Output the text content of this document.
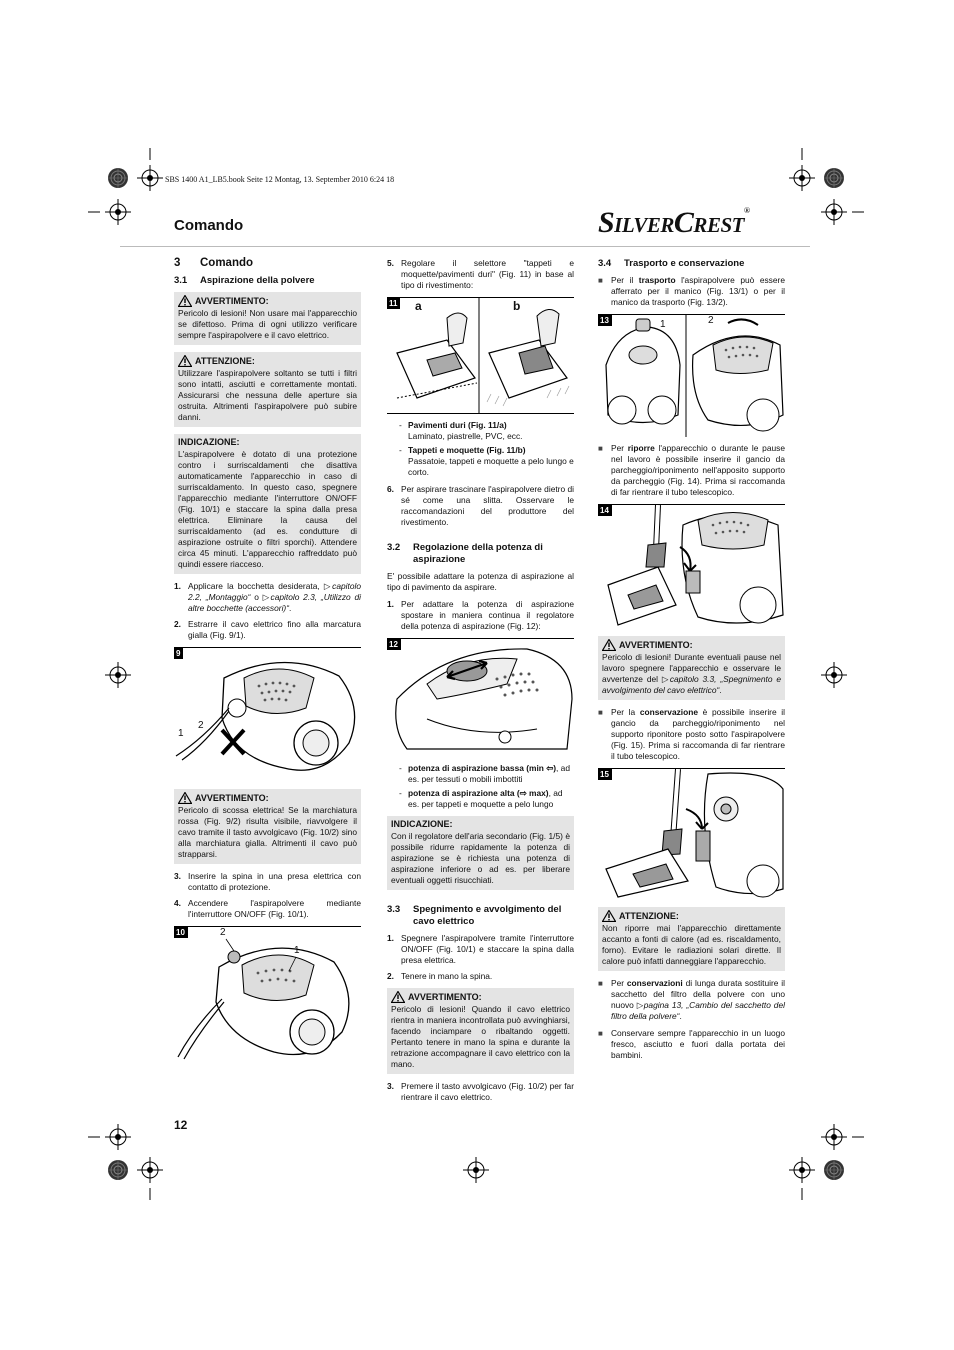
SBS 1400 A1_LB5.book Seite 12 Montag, 13. September 2010 6:24 18
Comando	SilverCrest®
3 Comando
3.1 Aspirazione della polvere
AVVERTIMENTO:
Pericolo di lesioni! Non usare mai l'apparecchio se difettoso. Prima di ogni utilizzo verificare sempre l'aspirapolvere e il cavo elettrico.
ATTENZIONE:
Utilizzare l'aspirapolvere soltanto se tutti i filtri sono intatti, asciutti e correttamente montati. Assicurarsi che nessuna delle aperture sia ostruita. Altrimenti l'aspirapolvere può subire danni.
INDICAZIONE:
L'aspirapolvere è dotato di una protezione contro i surriscaldamenti che disattiva automaticamente l'apparecchio in caso di surriscaldamento. In questo caso, spegnere l'apparecchio mediante l'interruttore ON/OFF (Fig. 10/1) e staccare la spina dalla presa elettrica. Eliminare la causa del surriscaldamento (ad es. condutture di aspirazione ostruite o filtri sporchi). Attendere circa 45 minuti. L'apparecchio raffreddato può quindi essere riacceso.
1. Applicare la bocchetta desiderata, ▷capitolo 2.2, „Montaggio“ o ▷capitolo 2.3, „Utilizzo di altre bocchette (accessori)“.
2. Estrarre il cavo elettrico fino alla marcatura gialla (Fig. 9/1).
9
1
2
AVVERTIMENTO:
Pericolo di scossa elettrica! Se la marchiatura rossa (Fig. 9/2) risulta visibile, riavvolgere il cavo tramite il tasto avvolgicavo (Fig. 10/2) sino alla marchiatura gialla. Altrimenti il cavo può strapparsi.
3. Inserire la spina in una presa elettrica con contatto di protezione.
4. Accendere l'aspirapolvere mediante l'interruttore ON/OFF (Fig. 10/1).
10	2
1
5. Regolare il selettore "tappeti e moquette/pavimenti duri" (Fig. 11) in base al tipo di rivestimento:
11 a	b
- Pavimenti duri (Fig. 11/a)
Laminato, piastrelle, PVC, ecc.
- Tappeti e moquette (Fig. 11/b)
Passatoie, tappeti e moquette a pelo lungo e corto.
6. Per aspirare trascinare l'aspirapolvere dietro di sé come una slitta. Osservare le raccomandazioni del produttore del rivestimento.
3.2 Regolazione della potenza di aspirazione

E' possibile adattare la potenza di aspirazione al tipo di pavimento da aspirare.

1. Per adattare la potenza di aspirazione spostare in maniera continua il regolatore della potenza di aspirazione (Fig. 12):
12
- potenza di aspirazione bassa (min ⇦), ad es. per tessuti o mobili imbottiti
- potenza di aspirazione alta (⇨ max), ad es. per tappeti e moquette a pelo lungo
INDICAZIONE:
Con il regolatore dell'aria secondario (Fig. 1/5) è possibile ridurre rapidamente la potenza di aspirazione se è richiesta una potenza di aspirazione inferiore o ad es. per liberare eventuali oggetti risucchiati.
3.3 Spegnimento e avvolgimento del cavo elettrico
1. Spegnere l'aspirapolvere tramite l'interruttore ON/OFF (Fig. 10/1) e staccare la spina dalla presa elettrica.
2. Tenere in mano la spina.
AVVERTIMENTO:
Pericolo di lesioni! Quando il cavo elettrico rientra in maniera incontrollata può avvinghiarsi, facendo inciampare o ribaltando oggetti. Pertanto tenere in mano la spina e durante la retrazione accompagnare il cavo elettrico con la mano.
3. Premere il tasto avvolgicavo (Fig. 10/2) per far rientrare il cavo elettrico.
3.4 Trasporto e conservazione
■ Per il trasporto l'aspirapolvere può essere afferrato per il manico (Fig. 13/1) o per il manico da trasporto (Fig. 13/2).
13	1	2
■ Per riporre l'apparecchio o durante le pause nel lavoro è possibile inserire il gancio da parcheggio/riponimento nell'apposito supporto da parcheggio (Fig. 14). Prima si raccomanda di far rientrare il tubo telescopico.
14
AVVERTIMENTO:
Pericolo di lesioni! Durante eventuali pause nel lavoro spegnere l'apparecchio e osservare le avvertenze del ▷capitolo 3.3, „Spegnimento e avvolgimento del cavo elettrico“.
■ Per la conservazione è possibile inserire il gancio da parcheggio/riponimento nel supporto riponitore posto sotto l'aspirapolvere (Fig. 15). Prima si raccomanda di far rientrare il tubo telescopico.
15
ATTENZIONE:
Non riporre mai l'apparecchio direttamente accanto a fonti di calore (ad es. riscaldamento, forno). Evitare le radiazioni solari dirette. Il calore può infatti danneggiare l'apparecchio.
■ Per conservazioni di lunga durata sostituire il sacchetto del filtro della polvere con uno nuovo ▷pagina 13, „Cambio del sacchetto del filtro della polvere“.
■ Conservare sempre l'apparecchio in un luogo fresco, asciutto e fuori dalla portata dei bambini.
12
